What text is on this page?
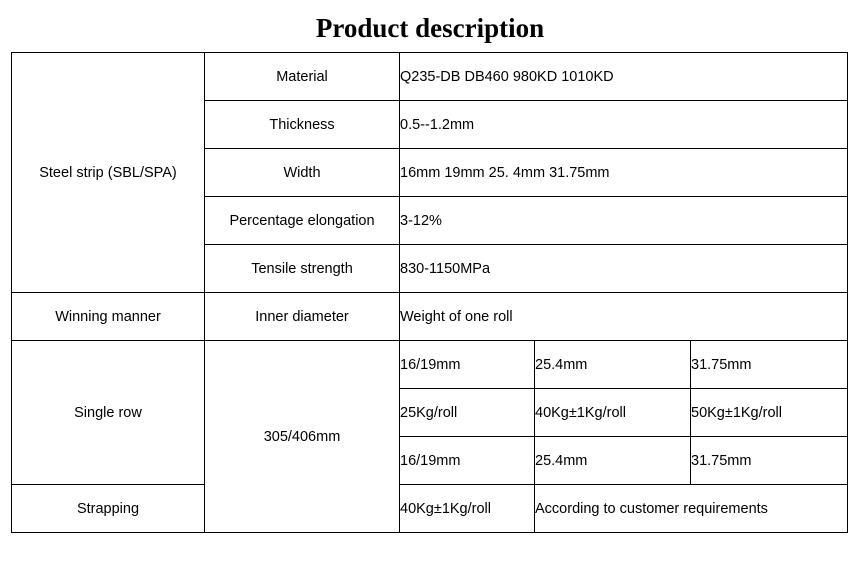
Product description
Steel strip (SBL/SPA)	Material	Q235-DB DB460 980KD 1010KD		
	Thickness	0.5--1.2mm		
	Width	16mm 19mm 25. 4mm 31.75mm		
	Percentage elongation	3-12%		
	Tensile strength	830-1150MPa		
Winning manner	Inner diameter	Weight of one roll		
Single row	305/406mm	16/19mm	25.4mm	31.75mm
		25Kg/roll	40Kg±1Kg/roll	50Kg±1Kg/roll
		16/19mm	25.4mm	31.75mm
Strapping		40Kg±1Kg/roll	According to customer requirements	
